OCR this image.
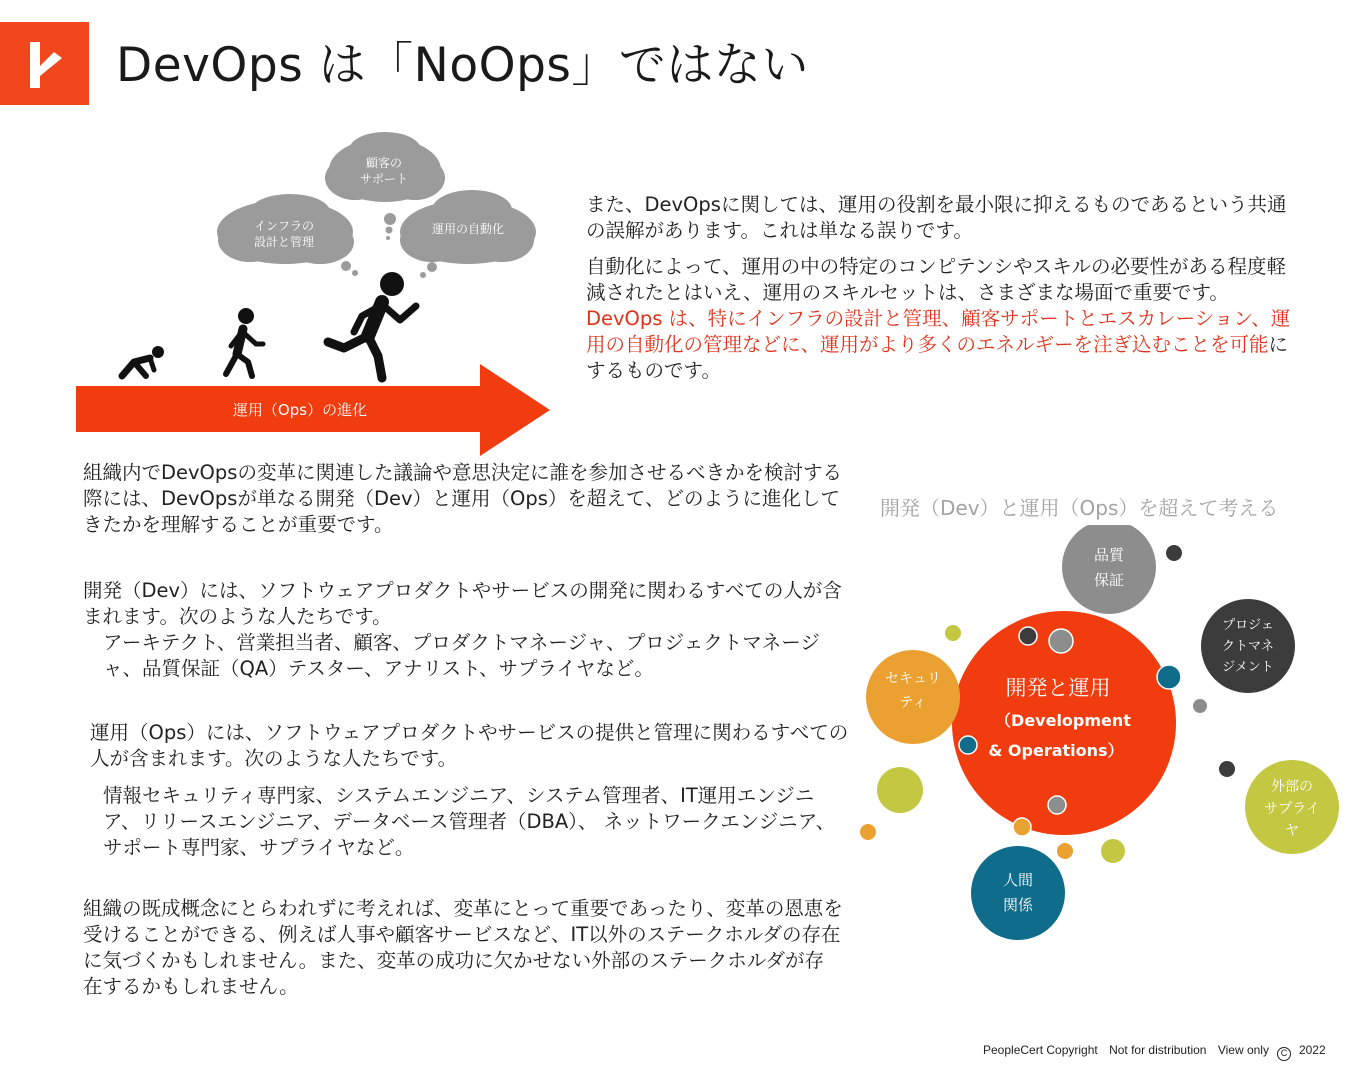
DevOps は「NoOps」ではない
顧客の
サポート
インフラの
設計と管理
運用の自動化
運用（Ops）の進化
また、DevOpsに関しては、運用の役割を最小限に抑えるものであるという共通の誤解があります。これは単なる誤りです。
自動化によって、運用の中の特定のコンピテンシやスキルの必要性がある程度軽減されたとはいえ、運用のスキルセットは、さまざまな場面で重要です。DevOps は、特にインフラの設計と管理、顧客サポートとエスカレーション、運用の自動化の管理などに、運用がより多くのエネルギーを注ぎ込むことを可能にするものです。
組織内でDevOpsの変革に関連した議論や意思決定に誰を参加させるべきかを検討する際には、DevOpsが単なる開発（Dev）と運用（Ops）を超えて、どのように進化してきたかを理解することが重要です。
開発（Dev）には、ソフトウェアプロダクトやサービスの開発に関わるすべての人が含まれます。次のような人たちです。
アーキテクト、営業担当者、顧客、プロダクトマネージャ、プロジェクトマネージャ、品質保証（QA）テスター、アナリスト、サプライヤなど。
運用（Ops）には、ソフトウェアプロダクトやサービスの提供と管理に関わるすべての人が含まれます。次のような人たちです。
情報セキュリティ専門家、システムエンジニア、システム管理者、IT運用エンジニア、リリースエンジニア、データベース管理者（DBA）、 ネットワークエンジニア、サポート専門家、サプライヤなど。
組織の既成概念にとらわれずに考えれば、変革にとって重要であったり、変革の恩恵を受けることができる、例えば人事や顧客サービスなど、IT以外のステークホルダの存在に気づくかもしれません。また、変革の成功に欠かせない外部のステークホルダが存在するかもしれません。
開発（Dev）と運用（Ops）を超えて考える
開発と運用
（Development
& Operations）
品質
保証
プロジェ
クトマネ
ジメント
セキュリ
ティ
外部の
サプライ
ヤ
人間
関係
PeopleCert Copyright Not for distribution View only C 2022
